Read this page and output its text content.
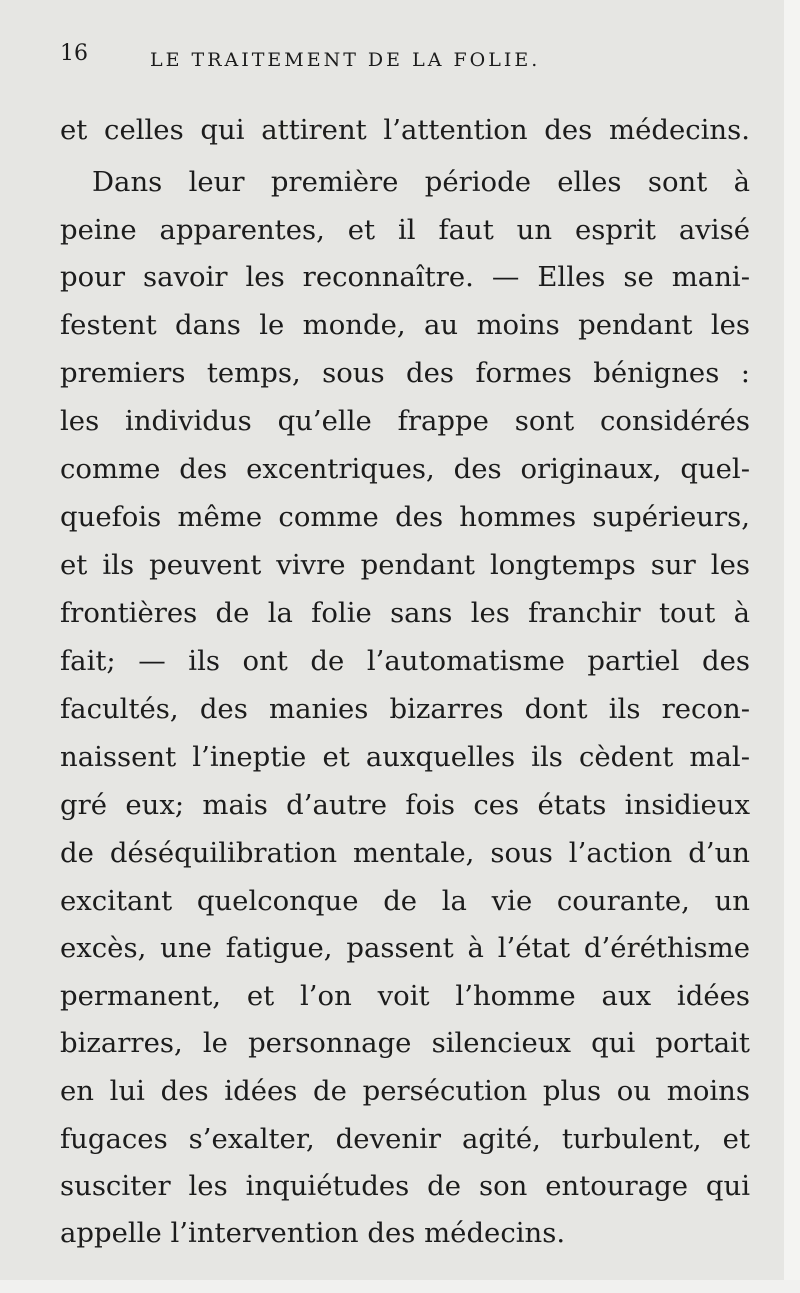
16	LE TRAITEMENT DE LA FOLIE.
et celles qui attirent l’attention des médecins.
Dans leur première période elles sont à
peine apparentes, et il faut un esprit avisé
pour savoir les reconnaître. — Elles se mani-
festent dans le monde, au moins pendant les
premiers temps, sous des formes bénignes :
les individus qu’elle frappe sont considérés
comme des excentriques, des originaux, quel-
quefois même comme des hommes supérieurs,
et ils peuvent vivre pendant longtemps sur les
frontières de la folie sans les franchir tout à
fait; — ils ont de l’automatisme partiel des
facultés, des manies bizarres dont ils recon-
naissent l’ineptie et auxquelles ils cèdent mal-
gré eux; mais d’autre fois ces états insidieux
de déséquilibration mentale, sous l’action d’un
excitant quelconque de la vie courante, un
excès, une fatigue, passent à l’état d’éréthisme
permanent, et l’on voit l’homme aux idées
bizarres, le personnage silencieux qui portait
en lui des idées de persécution plus ou moins
fugaces s’exalter, devenir agité, turbulent, et
susciter les inquiétudes de son entourage qui
appelle l’intervention des médecins.
